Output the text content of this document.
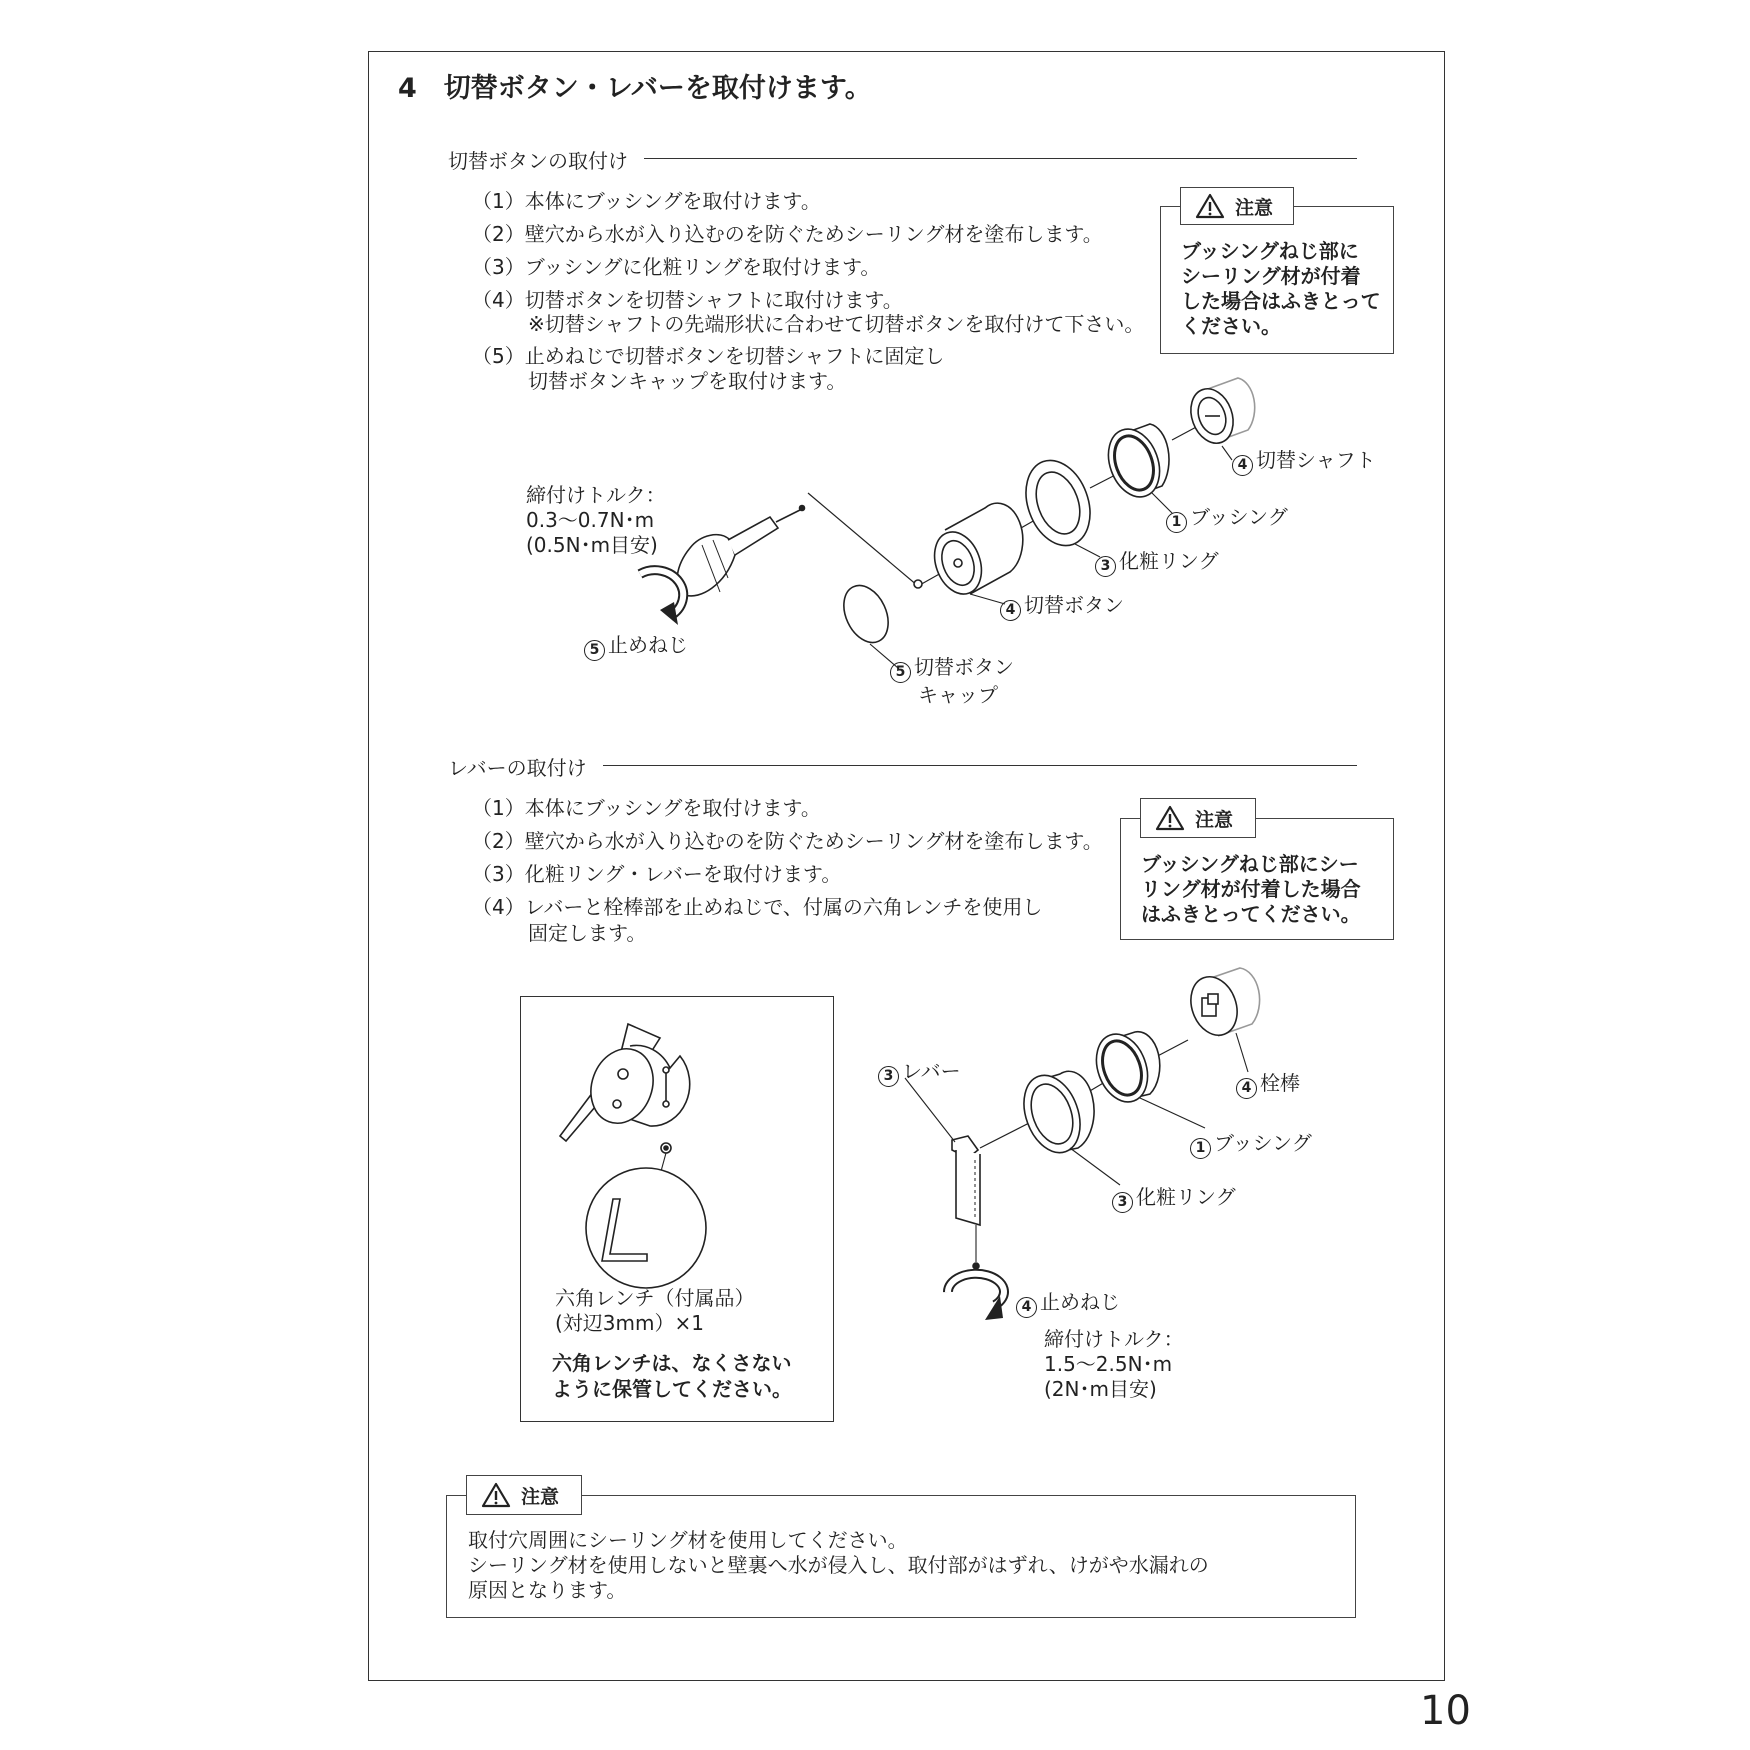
4　切替ボタン・レバーを取付けます。
切替ボタンの取付け
（1）本体にブッシングを取付けます。
（2）壁穴から水が入り込むのを防ぐためシーリング材を塗布します。
（3）ブッシングに化粧リングを取付けます。
（4）切替ボタンを切替シャフトに取付けます。
※切替シャフトの先端形状に合わせて切替ボタンを取付けて下さい。
（5）止めねじで切替ボタンを切替シャフトに固定し
切替ボタンキャップを取付けます。
注意
ブッシングねじ部に
シーリング材が付着
した場合はふきとって
ください。
締付けトルク：
0.3～0.7N･m
(0.5N･m目安)
5 止めねじ
5 切替ボタン
キャップ
4 切替ボタン
3 化粧リング
1 ブッシング
4 切替シャフト
レバーの取付け
（1）本体にブッシングを取付けます。
（2）壁穴から水が入り込むのを防ぐためシーリング材を塗布します。
（3）化粧リング・レバーを取付けます。
（4）レバーと栓棒部を止めねじで、付属の六角レンチを使用し
固定します。
注意
ブッシングねじ部にシー
リング材が付着した場合
はふきとってください。
六角レンチ（付属品）
(対辺3mm）×1
六角レンチは、なくさない
ように保管してください。
3 レバー
4 栓棒
1 ブッシング
3 化粧リング
4 止めねじ
締付けトルク：
1.5～2.5N･m
(2N･m目安)
注意
取付穴周囲にシーリング材を使用してください。
シーリング材を使用しないと壁裏へ水が侵入し、取付部がはずれ、けがや水漏れの
原因となります。
10
